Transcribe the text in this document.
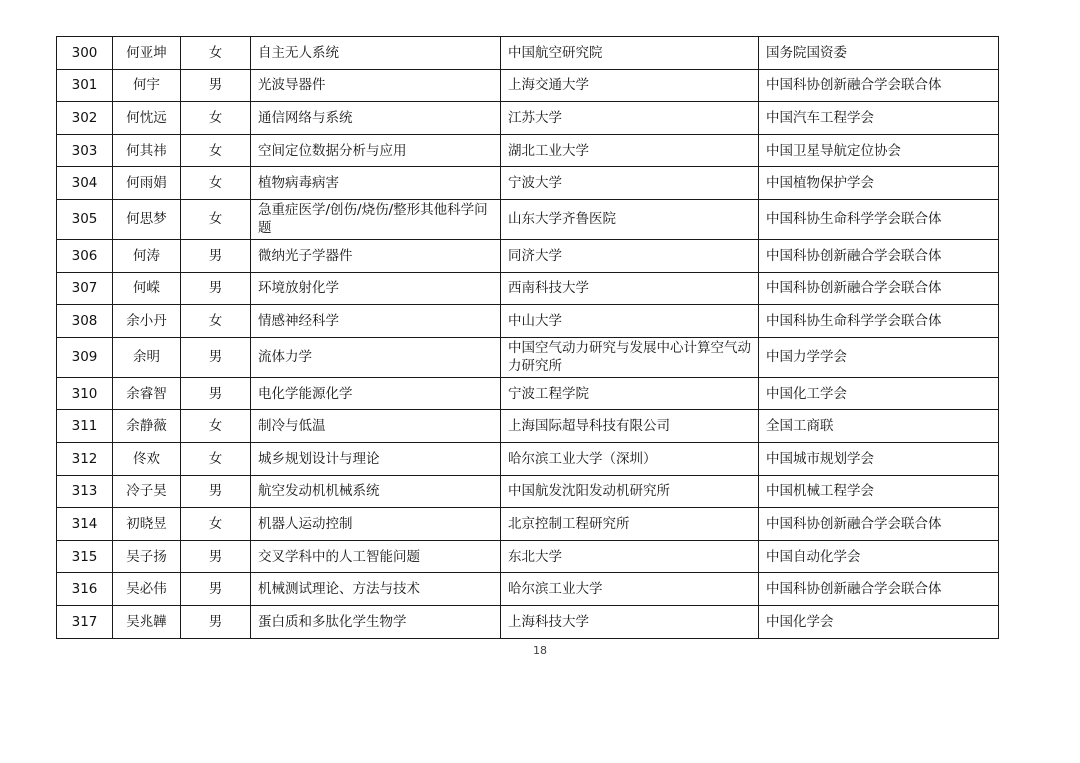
300	何亚坤	女	自主无人系统	中国航空研究院	国务院国资委
301	何宇	男	光波导器件	上海交通大学	中国科协创新融合学会联合体
302	何忱远	女	通信网络与系统	江苏大学	中国汽车工程学会
303	何其祎	女	空间定位数据分析与应用	湖北工业大学	中国卫星导航定位协会
304	何雨娟	女	植物病毒病害	宁波大学	中国植物保护学会
305	何思梦	女	急重症医学/创伤/烧伤/整形其他科学问题	山东大学齐鲁医院	中国科协生命科学学会联合体
306	何涛	男	微纳光子学器件	同济大学	中国科协创新融合学会联合体
307	何嵘	男	环境放射化学	西南科技大学	中国科协创新融合学会联合体
308	余小丹	女	情感神经科学	中山大学	中国科协生命科学学会联合体
309	余明	男	流体力学	中国空气动力研究与发展中心计算空气动力研究所	中国力学学会
310	余睿智	男	电化学能源化学	宁波工程学院	中国化工学会
311	余静薇	女	制冷与低温	上海国际超导科技有限公司	全国工商联
312	佟欢	女	城乡规划设计与理论	哈尔滨工业大学（深圳）	中国城市规划学会
313	冷子昊	男	航空发动机机械系统	中国航发沈阳发动机研究所	中国机械工程学会
314	初晓昱	女	机器人运动控制	北京控制工程研究所	中国科协创新融合学会联合体
315	吴子扬	男	交叉学科中的人工智能问题	东北大学	中国自动化学会
316	吴必伟	男	机械测试理论、方法与技术	哈尔滨工业大学	中国科协创新融合学会联合体
317	吴兆韡	男	蛋白质和多肽化学生物学	上海科技大学	中国化学会
18
